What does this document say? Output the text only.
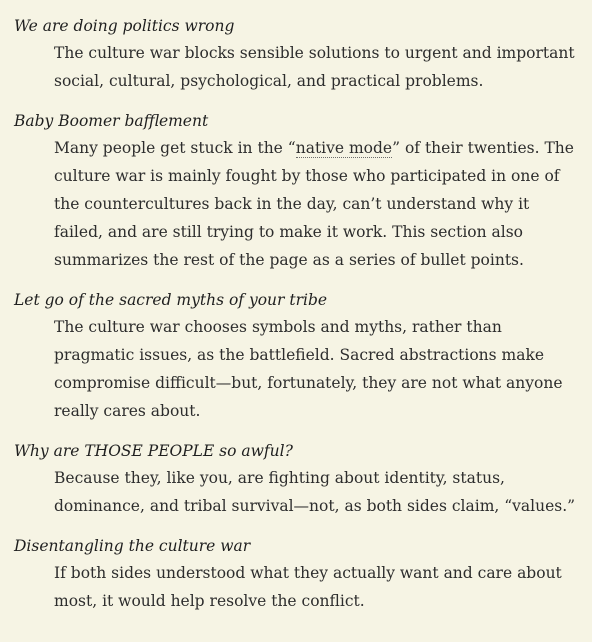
We are doing politics wrong
The culture war blocks sensible solutions to urgent and important social, cultural, psychological, and practical problems.
Baby Boomer bafflement
Many people get stuck in the “native mode” of their twenties. The culture war is mainly fought by those who participated in one of the countercultures back in the day, can’t understand why it failed, and are still trying to make it work. This section also summarizes the rest of the page as a series of bullet points.
Let go of the sacred myths of your tribe
The culture war chooses symbols and myths, rather than pragmatic issues, as the battlefield. Sacred abstractions make compromise difficult—but, fortunately, they are not what anyone really cares about.
Why are THOSE PEOPLE so awful?
Because they, like you, are fighting about identity, status, dominance, and tribal survival—not, as both sides claim, “values.”
Disentangling the culture war
If both sides understood what they actually want and care about most, it would help resolve the conflict.
